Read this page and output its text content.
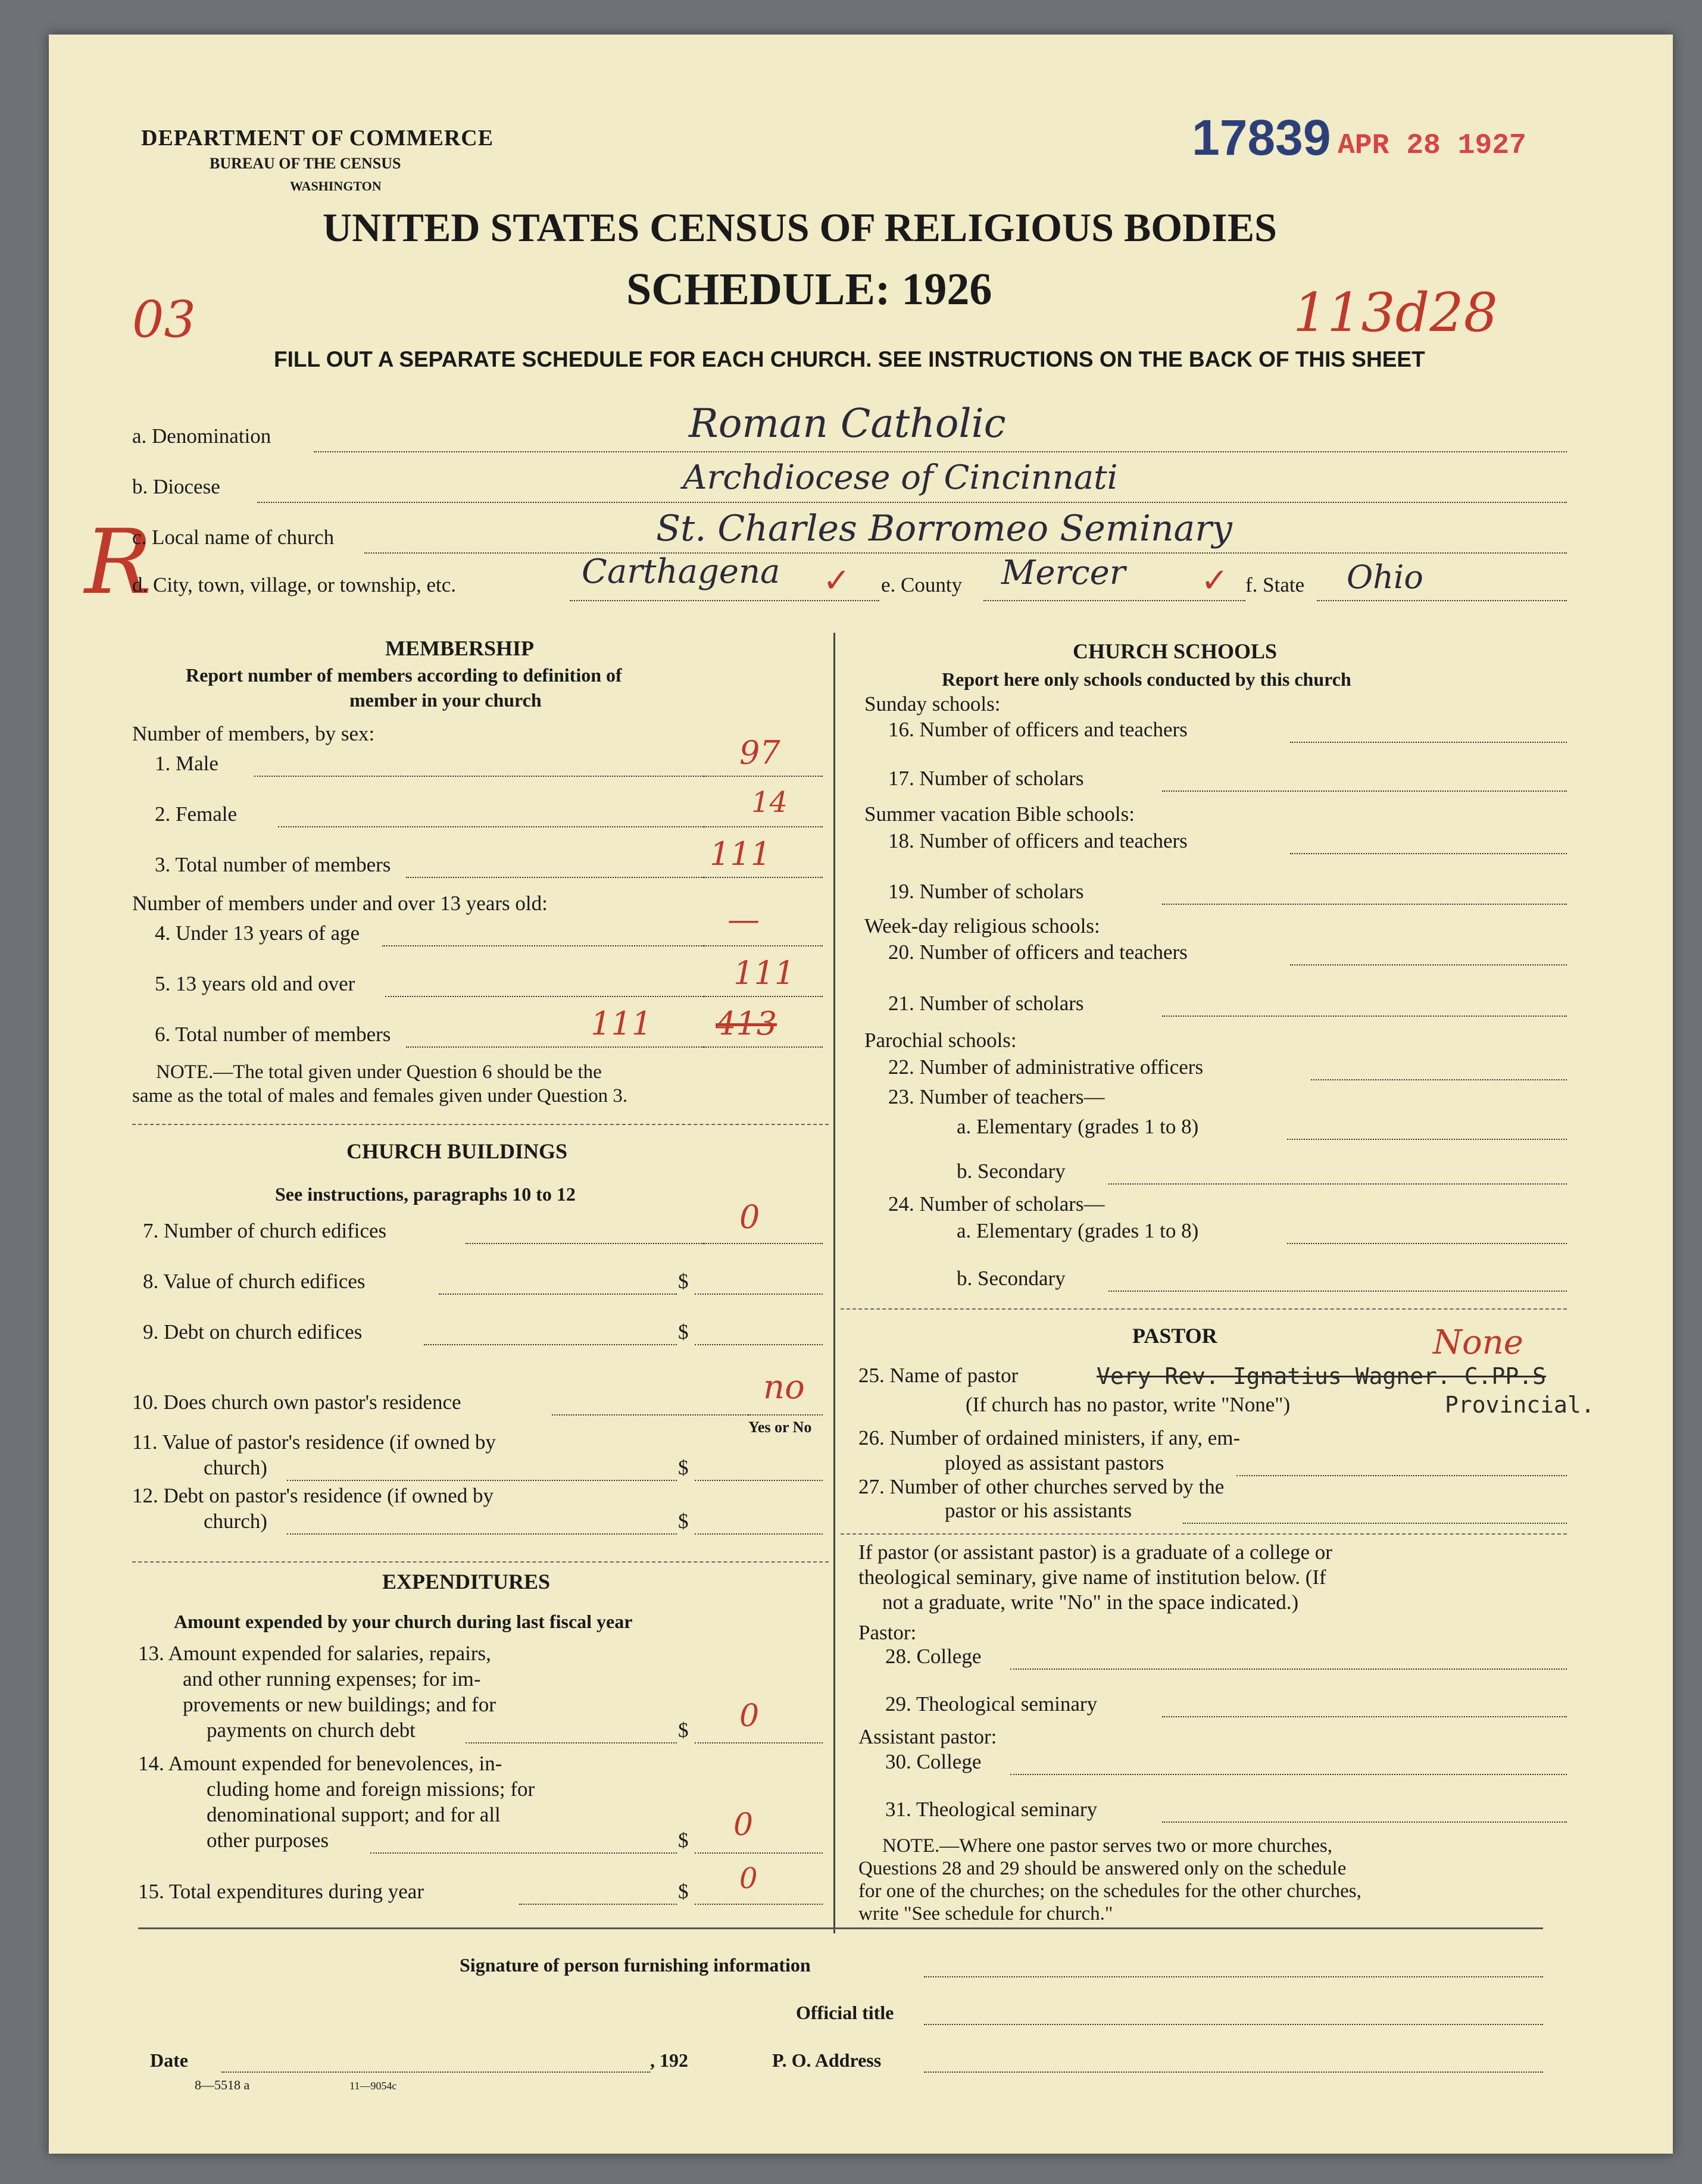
DEPARTMENT OF COMMERCE
BUREAU OF THE CENSUS
WASHINGTON
17839 APR 28 1927
UNITED STATES CENSUS OF RELIGIOUS BODIES
SCHEDULE: 1926
03	113d28
FILL OUT A SEPARATE SCHEDULE FOR EACH CHURCH. SEE INSTRUCTIONS ON THE BACK OF THIS SHEET
a. Denomination	Roman Catholic
b. Diocese	Archdiocese of Cincinnati
R
c. Local name of church	St. Charles Borromeo Seminary
d. City, town, village, or township, etc.	Carthagena ✓ e. County Mercer ✓ f. State Ohio
MEMBERSHIP
Report number of members according to definition of
member in your church
Number of members, by sex:
1. Male	97
2. Female	14
3. Total number of members	111
Number of members under and over 13 years old:
4. Under 13 years of age	—
5. 13 years old and over	111
6. Total number of members	111 413
NOTE.—The total given under Question 6 should be the
same as the total of males and females given under Question 3.
CHURCH BUILDINGS
See instructions, paragraphs 10 to 12
7. Number of church edifices	0
8. Value of church edifices	$
9. Debt on church edifices	$
10. Does church own pastor's residence	no
Yes or No
11. Value of pastor's residence (if owned by
church)	$
12. Debt on pastor's residence (if owned by
church)	$
EXPENDITURES
Amount expended by your church during last fiscal year
13. Amount expended for salaries, repairs,
and other running expenses; for im-
provements or new buildings; and for
payments on church debt	$ 0
14. Amount expended for benevolences, in-
cluding home and foreign missions; for
denominational support; and for all
other purposes	$ 0
15. Total expenditures during year	$ 0
CHURCH SCHOOLS
Report here only schools conducted by this church
Sunday schools:
16. Number of officers and teachers
17. Number of scholars
Summer vacation Bible schools:
18. Number of officers and teachers
19. Number of scholars
Week-day religious schools:
20. Number of officers and teachers
21. Number of scholars
Parochial schools:
22. Number of administrative officers
23. Number of teachers—
a. Elementary (grades 1 to 8)
b. Secondary
24. Number of scholars—
a. Elementary (grades 1 to 8)
b. Secondary
PASTOR
25. Name of pastor	Very Rev. Ignatius Wagner. C.PP.S
Provincial.
None
(If church has no pastor, write "None")
26. Number of ordained ministers, if any, em-
ployed as assistant pastors
27. Number of other churches served by the
pastor or his assistants
If pastor (or assistant pastor) is a graduate of a college or
theological seminary, give name of institution below. (If
not a graduate, write "No" in the space indicated.)
Pastor:
28. College
29. Theological seminary
Assistant pastor:
30. College
31. Theological seminary
NOTE.—Where one pastor serves two or more churches,
Questions 28 and 29 should be answered only on the schedule
for one of the churches; on the schedules for the other churches,
write "See schedule for church."
Signature of person furnishing information
Official title
Date	, 192	P. O. Address
8—5518 a	11—9054c
